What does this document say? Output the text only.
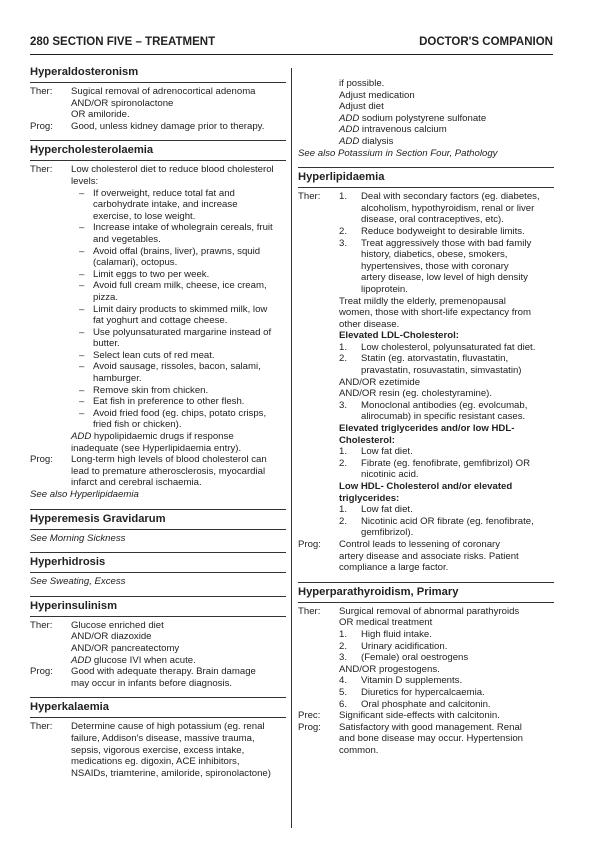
280 SECTION FIVE – TREATMENT	DOCTOR'S COMPANION
Hyperaldosteronism
Ther: Sugical removal of adrenocortical adenoma
AND/OR spironolactone
OR amiloride.
Prog: Good, unless kidney damage prior to therapy.
Hypercholesterolaemia
Ther: Low cholesterol diet to reduce blood cholesterol
levels:
– If overweight, reduce total fat and
carbohydrate intake, and increase
exercise, to lose weight.
– Increase intake of wholegrain cereals, fruit
and vegetables.
– Avoid offal (brains, liver), prawns, squid
(calamari), octopus.
– Limit eggs to two per week.
– Avoid full cream milk, cheese, ice cream,
pizza.
– Limit dairy products to skimmed milk, low
fat yoghurt and cottage cheese.
– Use polyunsaturated margarine instead of
butter.
– Select lean cuts of red meat.
– Avoid sausage, rissoles, bacon, salami,
hamburger.
– Remove skin from chicken.
– Eat fish in preference to other flesh.
– Avoid fried food (eg. chips, potato crisps,
fried fish or chicken).
ADD hypolipidaemic drugs if response
inadequate (see Hyperlipidaemia entry).
Prog: Long-term high levels of blood cholesterol can
lead to premature atherosclerosis, myocardial
infarct and cerebral ischaemia.
See also Hyperlipidaemia
Hyperemesis Gravidarum
See Morning Sickness
Hyperhidrosis
See Sweating, Excess
Hyperinsulinism
Ther: Glucose enriched diet
AND/OR diazoxide
AND/OR pancreatectomy
ADD glucose IVI when acute.
Prog: Good with adequate therapy. Brain damage
may occur in infants before diagnosis.
Hyperkalaemia
Ther: Determine cause of high potassium (eg. renal
failure, Addison's disease, massive trauma,
sepsis, vigorous exercise, excess intake,
medications eg. digoxin, ACE inhibitors,
NSAIDs, triamterine, amiloride, spironolactone)
if possible.
Adjust medication
Adjust diet
ADD sodium polystyrene sulfonate
ADD intravenous calcium
ADD dialysis
See also Potassium in Section Four, Pathology
Hyperlipidaemia
Ther: 1. Deal with secondary factors (eg. diabetes,
alcoholism, hypothyroidism, renal or liver
disease, oral contraceptives, etc).
2. Reduce bodyweight to desirable limits.
3. Treat aggressively those with bad family
history, diabetics, obese, smokers,
hypertensives, those with coronary
artery disease, low level of high density
lipoprotein.
Treat mildly the elderly, premenopausal
women, those with short-life expectancy from
other disease.
Elevated LDL-Cholesterol:
1. Low cholesterol, polyunsaturated fat diet.
2. Statin (eg. atorvastatin, fluvastatin,
pravastatin, rosuvastatin, simvastatin)
AND/OR ezetimide
AND/OR resin (eg. cholestyramine).
3. Monoclonal antibodies (eg. evolcumab,
alirocumab) in specific resistant cases.
Elevated triglycerides and/or low HDL-
Cholesterol:
1. Low fat diet.
2. Fibrate (eg. fenofibrate, gemfibrizol) OR
nicotinic acid.
Low HDL- Cholesterol and/or elevated
triglycerides:
1. Low fat diet.
2. Nicotinic acid OR fibrate (eg. fenofibrate,
gemfibrizol).
Prog: Control leads to lessening of coronary
artery disease and associate risks. Patient
compliance a large factor.
Hyperparathyroidism, Primary
Ther: Surgical removal of abnormal parathyroids
OR medical treatment
1. High fluid intake.
2. Urinary acidification.
3. (Female) oral oestrogens
AND/OR progestogens.
4. Vitamin D supplements.
5. Diuretics for hypercalcaemia.
6. Oral phosphate and calcitonin.
Prec: Significant side-effects with calcitonin.
Prog: Satisfactory with good management. Renal
and bone disease may occur. Hypertension
common.
